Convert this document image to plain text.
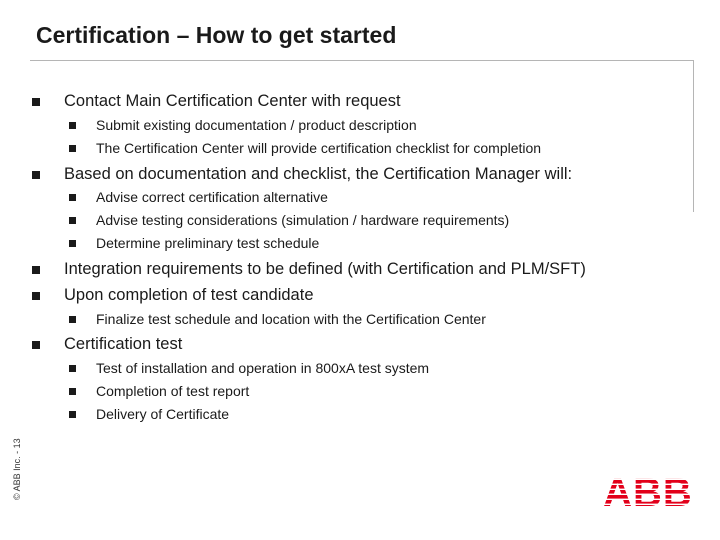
Certification – How to get started
Contact Main Certification Center with request
Submit existing documentation / product description
The Certification Center will provide certification checklist for completion
Based on documentation and checklist, the Certification Manager will:
Advise correct certification alternative
Advise testing considerations (simulation / hardware requirements)
Determine preliminary test schedule
Integration requirements to be defined (with Certification and PLM/SFT)
Upon completion of test candidate
Finalize test schedule and location with the Certification Center
Certification test
Test of installation and operation in 800xA test system
Completion of test report
Delivery of Certificate
© ABB Inc. - 13	ABB
